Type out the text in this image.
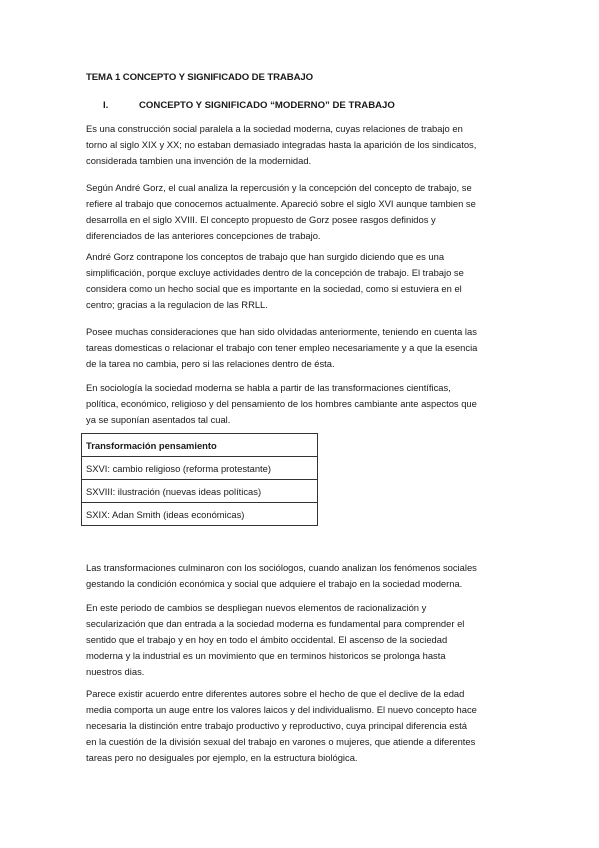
TEMA 1 CONCEPTO Y SIGNIFICADO DE TRABAJO
I.	CONCEPTO Y SIGNIFICADO “MODERNO” DE TRABAJO
Es una construcción social paralela a la sociedad moderna, cuyas relaciones de trabajo en
torno al siglo XIX y XX; no estaban demasiado integradas hasta la aparición de los sindicatos,
considerada tambien una invención de la modernidad.
Según André Gorz, el cual analiza la repercusión y la concepción del concepto de trabajo, se
refiere al trabajo que conocemos actualmente. Apareció sobre el siglo XVI aunque tambien se
desarrolla en el siglo XVIII. El concepto propuesto de Gorz posee rasgos definidos y
diferenciados de las anteriores concepciones de trabajo.
André Gorz contrapone los conceptos de trabajo que han surgido diciendo que es una
simplificación, porque excluye actividades dentro de la concepción de trabajo. El trabajo se
considera como un hecho social que es importante en la sociedad, como si estuviera en el
centro; gracias a la regulacion de las RRLL.
Posee muchas consideraciones que han sido olvidadas anteriormente, teniendo en cuenta las
tareas domesticas o relacionar el trabajo con tener empleo necesariamente y a que la esencia
de la tarea no cambia, pero si las relaciones dentro de ésta.
En sociología la sociedad moderna se habla a partir de las transformaciones científicas,
política, económico, religioso y del pensamiento de los hombres cambiante ante aspectos que
ya se suponían asentados tal cual.
Transformación pensamiento
SXVI: cambio religioso (reforma protestante)
SXVIII: ilustración (nuevas ideas políticas)
SXIX: Adan Smith (ideas económicas)
Las transformaciones culminaron con los sociólogos, cuando analizan los fenómenos sociales
gestando la condición económica y social que adquiere el trabajo en la sociedad moderna.
En este periodo de cambios se despliegan nuevos elementos de racionalización y
secularización que dan entrada a la sociedad moderna es fundamental para comprender el
sentido que el trabajo y en hoy en todo el ámbito occidental. El ascenso de la sociedad
moderna y la industrial es un movimiento que en terminos historicos se prolonga hasta
nuestros dias.
Parece existir acuerdo entre diferentes autores sobre el hecho de que el declive de la edad
media comporta un auge entre los valores laicos y del individualismo. El nuevo concepto hace
necesaria la distinción entre trabajo productivo y reproductivo, cuya principal diferencia está
en la cuestión de la división sexual del trabajo en varones o mujeres, que atiende a diferentes
tareas pero no desiguales por ejemplo, en la estructura biológica.
